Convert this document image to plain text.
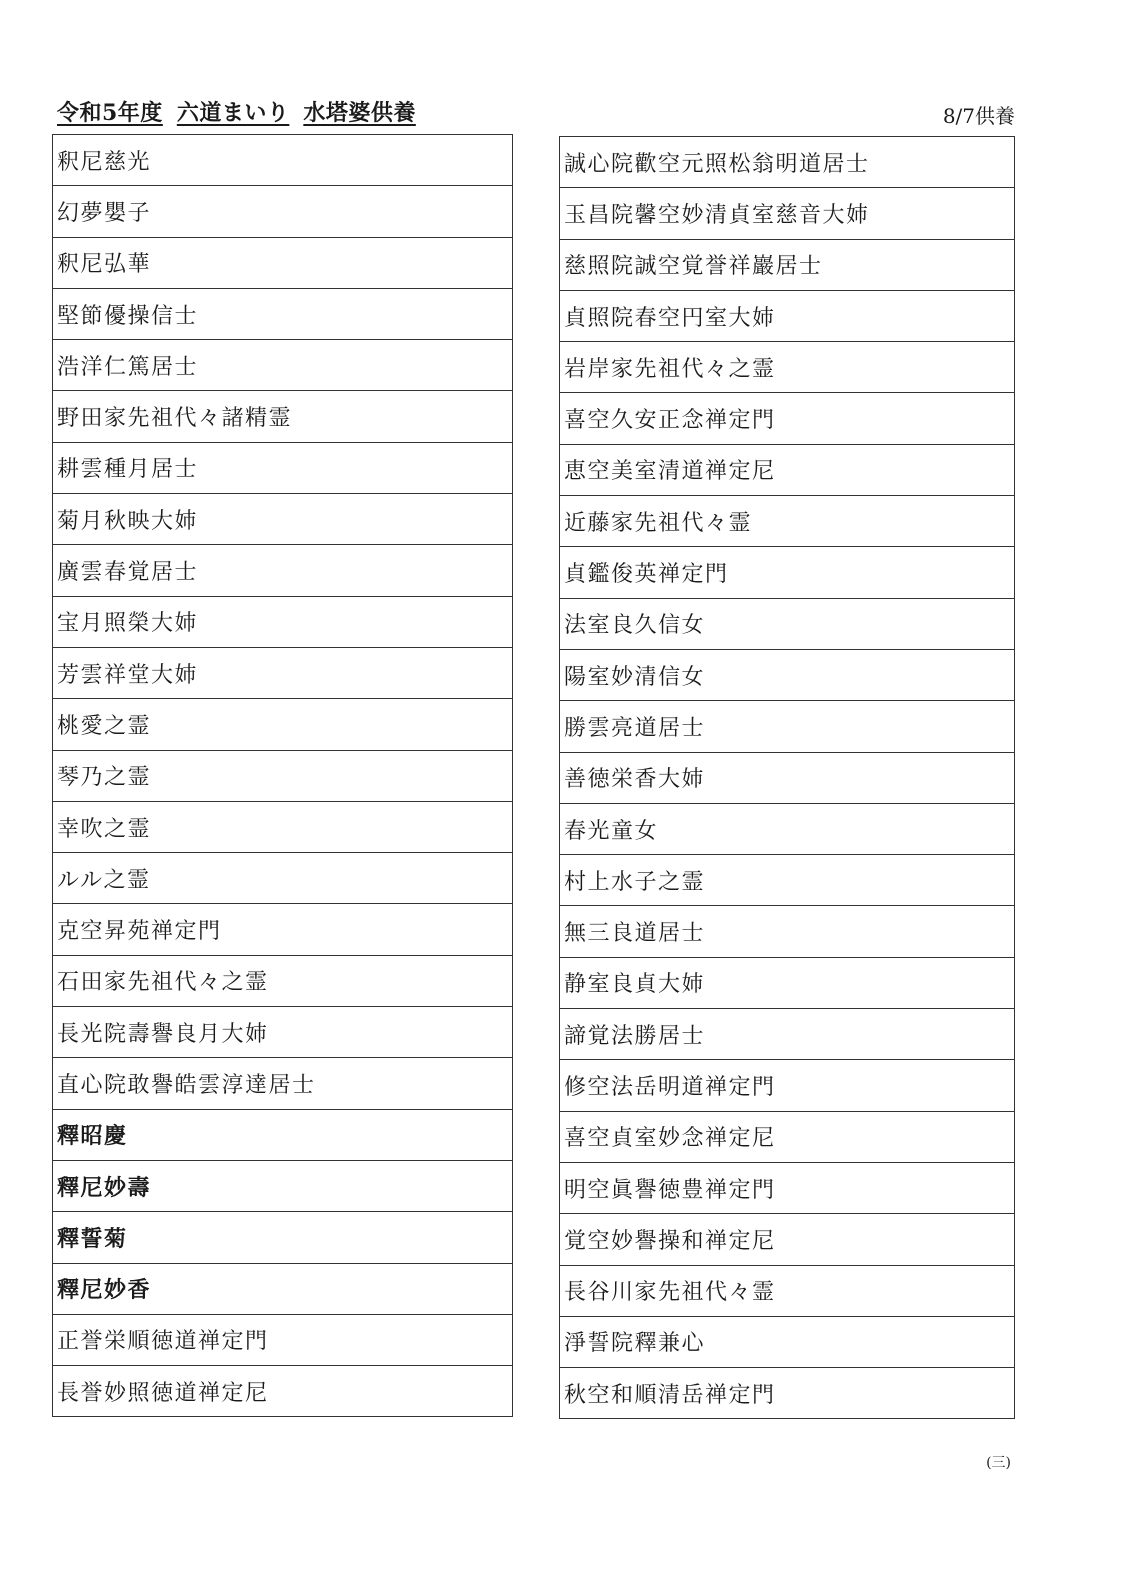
令和5年度 六道まいり 水塔婆供養	8/7供養
釈尼慈光
幻夢嬰子
釈尼弘華
堅節優操信士
浩洋仁篤居士
野田家先祖代々諸精霊
耕雲種月居士
菊月秋映大姉
廣雲春覚居士
宝月照榮大姉
芳雲祥堂大姉
桃愛之霊
琴乃之霊
幸吹之霊
ルル之霊
克空昇苑禅定門
石田家先祖代々之霊
長光院壽譽良月大姉
直心院敢譽皓雲淳達居士
釋昭慶
釋尼妙壽
釋誓菊
釋尼妙香
正誉栄順徳道禅定門
長誉妙照徳道禅定尼
誠心院歡空元照松翁明道居士
玉昌院馨空妙清貞室慈音大姉
慈照院誠空覚誉祥巖居士
貞照院春空円室大姉
岩岸家先祖代々之霊
喜空久安正念禅定門
恵空美室清道禅定尼
近藤家先祖代々霊
貞鑑俊英禅定門
法室良久信女
陽室妙清信女
勝雲亮道居士
善徳栄香大姉
春光童女
村上水子之霊
無三良道居士
静室良貞大姉
諦覚法勝居士
修空法岳明道禅定門
喜空貞室妙念禅定尼
明空眞譽徳豊禅定門
覚空妙譽操和禅定尼
長谷川家先祖代々霊
淨誓院釋兼心
秋空和順清岳禅定門
(三)
